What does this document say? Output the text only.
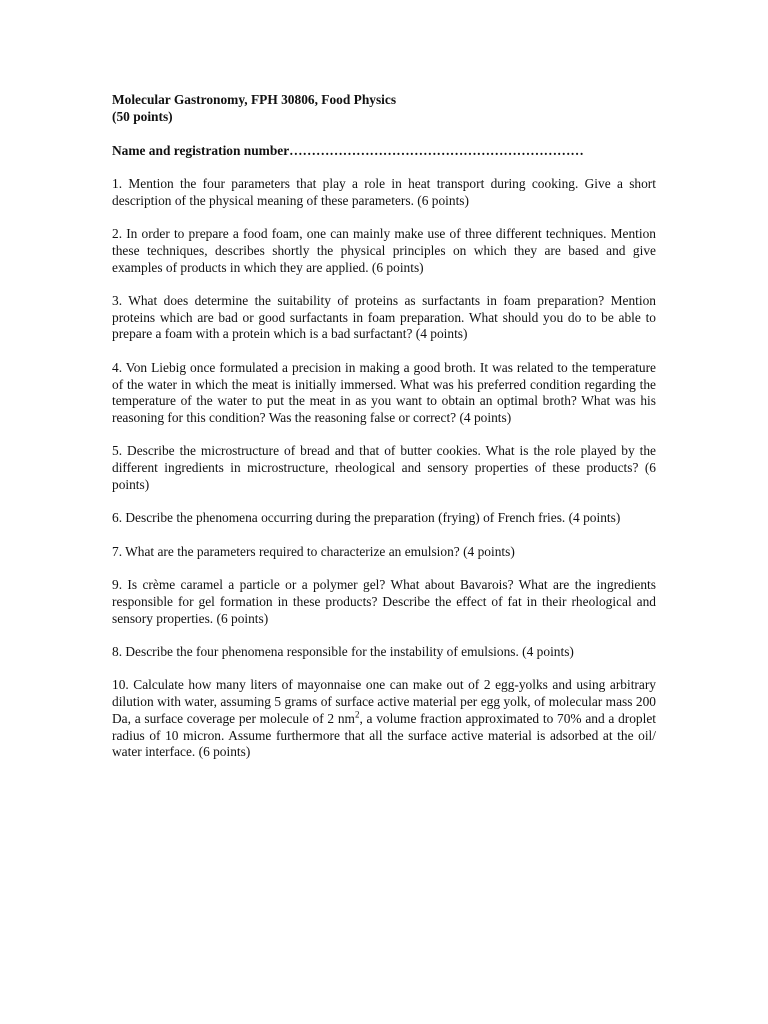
Molecular Gastronomy, FPH 30806, Food Physics
(50 points)

Name and registration number…………………………………………………………

1. Mention the four parameters that play a role in heat transport during cooking. Give a short description of the physical meaning of these parameters. (6 points)

2. In order to prepare a food foam, one can mainly make use of three different techniques. Mention these techniques, describes shortly the physical principles on which they are based and give examples of products in which they are applied. (6 points)

3. What does determine the suitability of proteins as surfactants in foam preparation? Mention proteins which are bad or good surfactants in foam preparation. What should you do to be able to prepare a foam with a protein which is a bad surfactant? (4 points)

4. Von Liebig once formulated a precision in making a good broth. It was related to the temperature of the water in which the meat is initially immersed. What was his preferred condition regarding the temperature of the water to put the meat in as you want to obtain an optimal broth? What was his reasoning for this condition? Was the reasoning false or correct? (4 points)

5. Describe the microstructure of bread and that of butter cookies. What is the role played by the different ingredients in microstructure, rheological and sensory properties of these products? (6 points)

6. Describe the phenomena occurring during the preparation (frying) of French fries. (4 points)

7. What are the parameters required to characterize an emulsion? (4 points)

9. Is crème caramel a particle or a polymer gel? What about Bavarois? What are the ingredients responsible for gel formation in these products? Describe the effect of fat in their rheological and sensory properties. (6 points)

8. Describe the four phenomena responsible for the instability of emulsions. (4 points)

10. Calculate how many liters of mayonnaise one can make out of 2 egg-yolks and using arbitrary dilution with water, assuming 5 grams of surface active material per egg yolk, of molecular mass 200 Da, a surface coverage per molecule of 2 $nm^2$, a volume fraction approximated to 70% and a droplet radius of 10 micron. Assume furthermore that all the surface active material is adsorbed at the oil/ water interface. (6 points)
